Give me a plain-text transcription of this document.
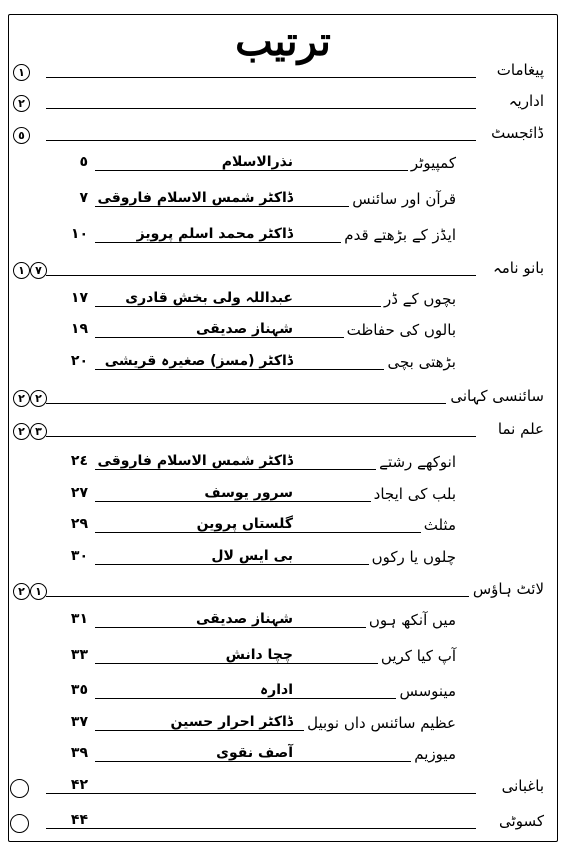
ترتیب
پیغامات
١
اداریہ
٢
ڈائجسٹ
٥
کمپیوٹر
نذرالاسلام
٥
قرآن اور سائنس
ڈاکٹر شمس الاسلام فاروقی
٧
ایڈز کے بڑھتے قدم
ڈاکٹر محمد اسلم پرویز
١٠
بانو نامہ
١ ٧
بچوں کے ڈر
عبداللہ ولی بخش قادری
١٧
بالوں کی حفاظت
شہناز صدیقی
١٩
بڑھتی بچی
ڈاکٹر (مسز) صغیرہ قریشی
٢٠
سائنسی کہانی
٢ ٢
علم نما
٢ ٣
انوکھے رشتے
ڈاکٹر شمس الاسلام فاروقی
٢٤
بلب کی ایجاد
سرور یوسف
٢٧
مثلث
گلستاں پروین
٢٩
چلوں یا رکوں
بی ایس لال
٣٠
لائٹ ہاؤس
٢ ١
میں آنکھ ہوں
شہناز صدیقی
٣١
آپ کیا کریں
چچا دانش
٣٣
مینوسس
ادارہ
٣٥
عظیم سائنس داں نوبیل
ڈاکٹر احرار حسین
٣٧
میوزیم
آصف نقوی
٣٩
باغبانی
۴۲
کسوٹی
۴۴
